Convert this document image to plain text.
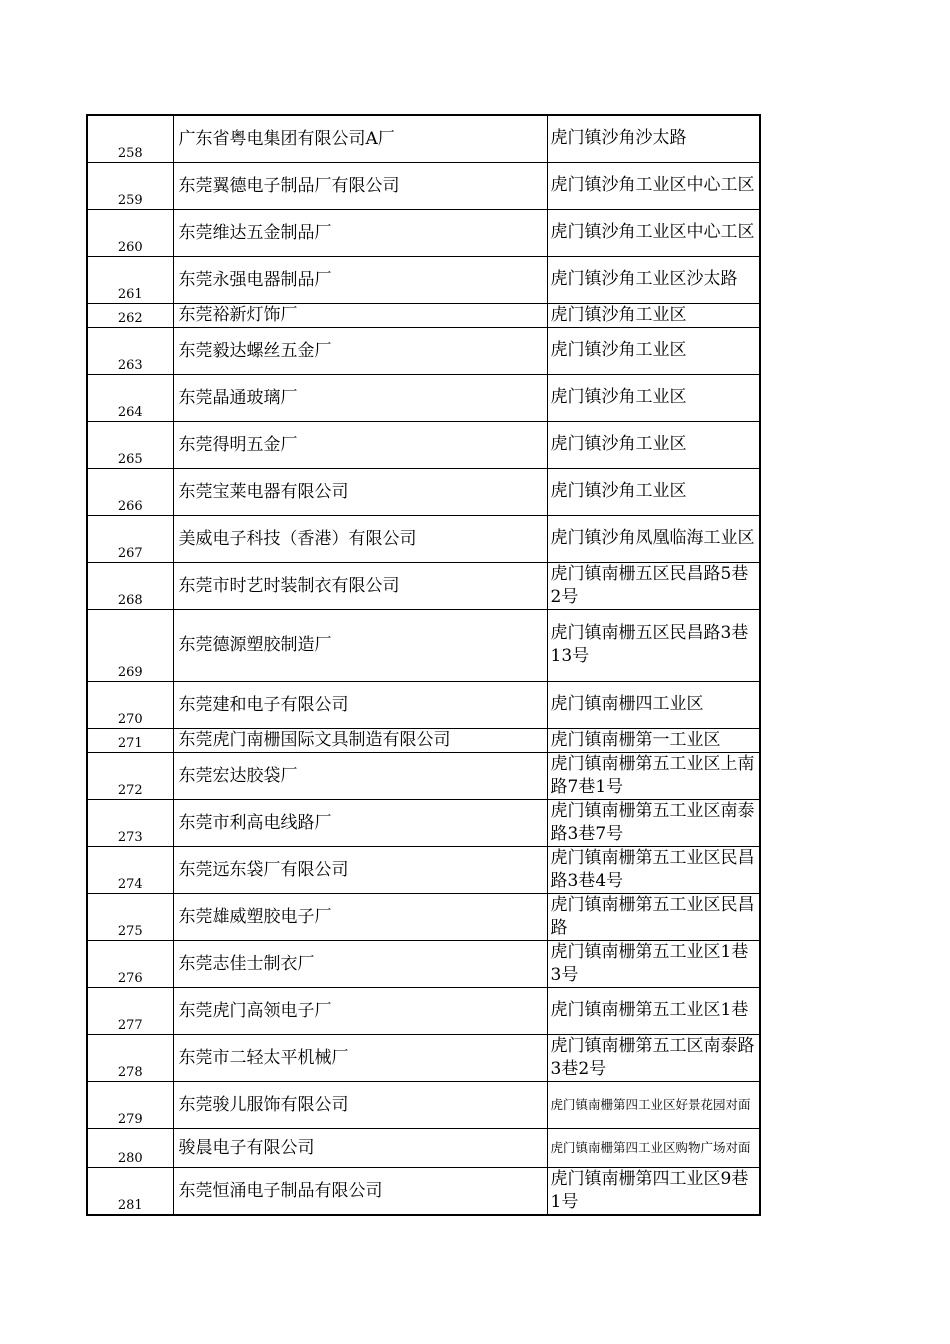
258	广东省粤电集团有限公司A厂	虎门镇沙角沙太路
259	东莞翼德电子制品厂有限公司	虎门镇沙角工业区中心工区
260	东莞维达五金制品厂	虎门镇沙角工业区中心工区
261	东莞永强电器制品厂	虎门镇沙角工业区沙太路
262	东莞裕新灯饰厂	虎门镇沙角工业区
263	东莞毅达螺丝五金厂	虎门镇沙角工业区
264	东莞晶通玻璃厂	虎门镇沙角工业区
265	东莞得明五金厂	虎门镇沙角工业区
266	东莞宝莱电器有限公司	虎门镇沙角工业区
267	美威电子科技（香港）有限公司	虎门镇沙角凤凰临海工业区
268	东莞市时艺时装制衣有限公司	虎门镇南栅五区民昌路5巷2号
269	东莞德源塑胶制造厂	虎门镇南栅五区民昌路3巷13号
270	东莞建和电子有限公司	虎门镇南栅四工业区
271	东莞虎门南栅国际文具制造有限公司	虎门镇南栅第一工业区
272	东莞宏达胶袋厂	虎门镇南栅第五工业区上南路7巷1号
273	东莞市利高电线路厂	虎门镇南栅第五工业区南泰路3巷7号
274	东莞远东袋厂有限公司	虎门镇南栅第五工业区民昌路3巷4号
275	东莞雄威塑胶电子厂	虎门镇南栅第五工业区民昌路
276	东莞志佳士制衣厂	虎门镇南栅第五工业区1巷3号
277	东莞虎门高领电子厂	虎门镇南栅第五工业区1巷
278	东莞市二轻太平机械厂	虎门镇南栅第五工区南泰路3巷2号
279	东莞骏儿服饰有限公司	虎门镇南栅第四工业区好景花园对面
280	骏晨电子有限公司	虎门镇南栅第四工业区购物广场对面
281	东莞恒涌电子制品有限公司	虎门镇南栅第四工业区9巷1号
